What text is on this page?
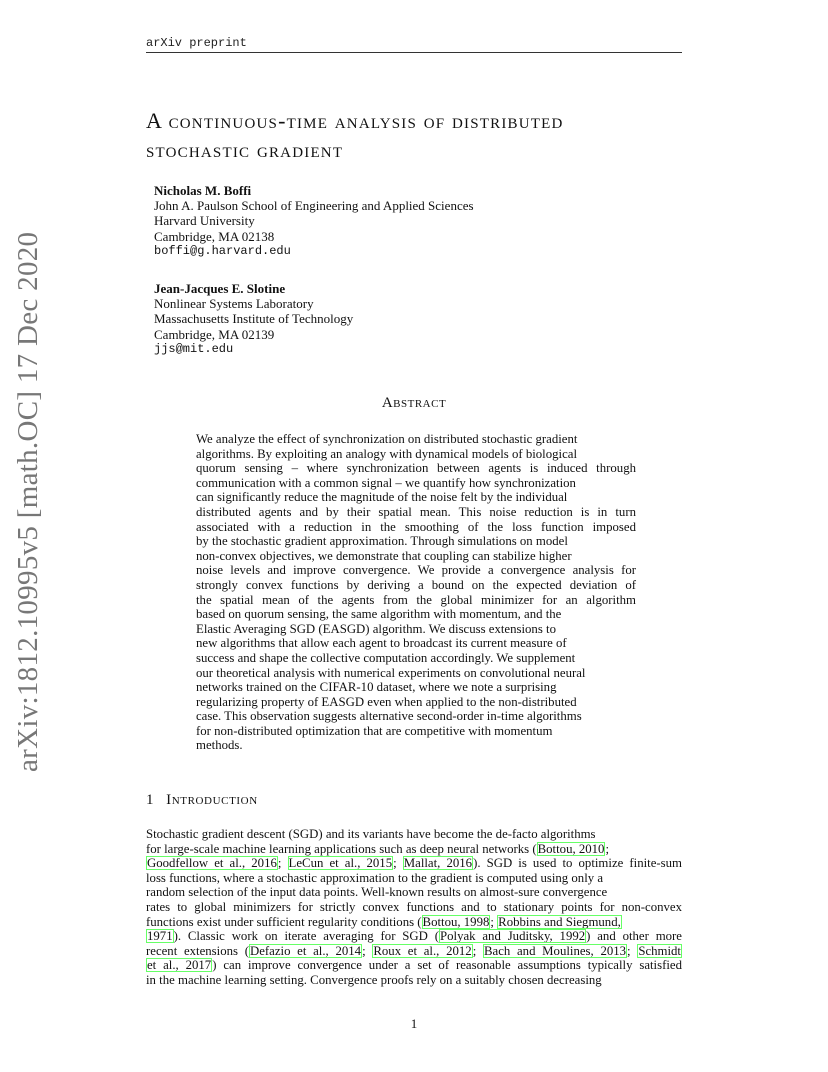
arXiv preprint
arXiv:1812.10995v5 [math.OC] 17 Dec 2020
A continuous-time analysis of distributed
stochastic gradient
Nicholas M. Boffi
John A. Paulson School of Engineering and Applied Sciences
Harvard University
Cambridge, MA 02138
boffi@g.harvard.edu
Jean-Jacques E. Slotine
Nonlinear Systems Laboratory
Massachusetts Institute of Technology
Cambridge, MA 02139
jjs@mit.edu
Abstract

We analyze the effect of synchronization on distributed stochastic gradient
algorithms. By exploiting an analogy with dynamical models of biological
quorum sensing – where synchronization between agents is induced through
communication with a common signal – we quantify how synchronization
can significantly reduce the magnitude of the noise felt by the individual
distributed agents and by their spatial mean. This noise reduction is in turn
associated with a reduction in the smoothing of the loss function imposed
by the stochastic gradient approximation. Through simulations on model
non-convex objectives, we demonstrate that coupling can stabilize higher
noise levels and improve convergence. We provide a convergence analysis for
strongly convex functions by deriving a bound on the expected deviation of
the spatial mean of the agents from the global minimizer for an algorithm
based on quorum sensing, the same algorithm with momentum, and the
Elastic Averaging SGD (EASGD) algorithm. We discuss extensions to
new algorithms that allow each agent to broadcast its current measure of
success and shape the collective computation accordingly. We supplement
our theoretical analysis with numerical experiments on convolutional neural
networks trained on the CIFAR-10 dataset, where we note a surprising
regularizing property of EASGD even when applied to the non-distributed
case. This observation suggests alternative second-order in-time algorithms
for non-distributed optimization that are competitive with momentum
methods.

1 Introduction

Stochastic gradient descent (SGD) and its variants have become the de-facto algorithms
for large-scale machine learning applications such as deep neural networks (Bottou, 2010;
Goodfellow et al., 2016; LeCun et al., 2015; Mallat, 2016). SGD is used to optimize finite-sum
loss functions, where a stochastic approximation to the gradient is computed using only a
random selection of the input data points. Well-known results on almost-sure convergence
rates to global minimizers for strictly convex functions and to stationary points for non-convex
functions exist under sufficient regularity conditions (Bottou, 1998; Robbins and Siegmund,
1971). Classic work on iterate averaging for SGD (Polyak and Juditsky, 1992) and other more
recent extensions (Defazio et al., 2014; Roux et al., 2012; Bach and Moulines, 2013; Schmidt
et al., 2017) can improve convergence under a set of reasonable assumptions typically satisfied
in the machine learning setting. Convergence proofs rely on a suitably chosen decreasing

1
